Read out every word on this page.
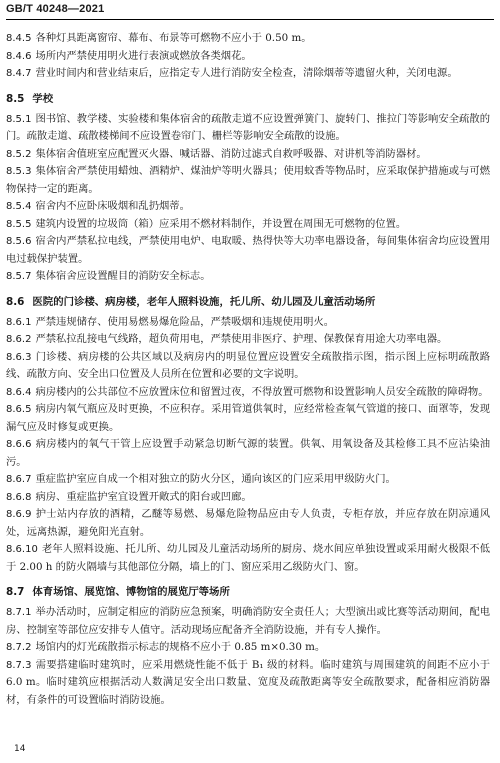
GB/T 40248—2021
8.4.5 各种灯具距离窗帘、幕布、布景等可燃物不应小于 0.50 m。
8.4.6 场所内严禁使用明火进行表演或燃放各类烟花。
8.4.7 营业时间内和营业结束后，应指定专人进行消防安全检查，清除烟蒂等遗留火种，关闭电源。
8.5 学校
8.5.1 图书馆、教学楼、实验楼和集体宿舍的疏散走道不应设置弹簧门、旋转门、推拉门等影响安全疏散的门。疏散走道、疏散楼梯间不应设置卷帘门、栅栏等影响安全疏散的设施。
8.5.2 集体宿舍值班室应配置灭火器、喊话器、消防过滤式自救呼吸器、对讲机等消防器材。
8.5.3 集体宿舍严禁使用蜡烛、酒精炉、煤油炉等明火器具；使用蚊香等物品时，应采取保护措施或与可燃物保持一定的距离。
8.5.4 宿舍内不应卧床吸烟和乱扔烟蒂。
8.5.5 建筑内设置的垃圾筒（箱）应采用不燃材料制作，并设置在周围无可燃物的位置。
8.5.6 宿舍内严禁私拉电线，严禁使用电炉、电取暖、热得快等大功率电器设备，每间集体宿舍均应设置用电过载保护装置。
8.5.7 集体宿舍应设置醒目的消防安全标志。
8.6 医院的门诊楼、病房楼，老年人照料设施，托儿所、幼儿园及儿童活动场所
8.6.1 严禁违规储存、使用易燃易爆危险品，严禁吸烟和违规使用明火。
8.6.2 严禁私拉乱接电气线路，超负荷用电，严禁使用非医疗、护理、保教保育用途大功率电器。
8.6.3 门诊楼、病房楼的公共区域以及病房内的明显位置应设置安全疏散指示图，指示图上应标明疏散路线、疏散方向、安全出口位置及人员所在位置和必要的文字说明。
8.6.4 病房楼内的公共部位不应放置床位和留置过夜，不得放置可燃物和设置影响人员安全疏散的障碍物。
8.6.5 病房内氧气瓶应及时更换，不应积存。采用管道供氧时，应经常检查氧气管道的接口、面罩等，发现漏气应及时修复或更换。
8.6.6 病房楼内的氧气干管上应设置手动紧急切断气源的装置。供氧、用氧设备及其检修工具不应沾染油污。
8.6.7 重症监护室应自成一个相对独立的防火分区，通向该区的门应采用甲级防火门。
8.6.8 病房、重症监护室宜设置开敞式的阳台或凹廊。
8.6.9 护士站内存放的酒精，乙醚等易燃、易爆危险物品应由专人负责，专柜存放，并应存放在阴凉通风处，远离热源，避免阳光直射。
8.6.10 老年人照料设施、托儿所、幼儿园及儿童活动场所的厨房、烧水间应单独设置或采用耐火极限不低于 2.00 h 的防火隔墙与其他部位分隔，墙上的门、窗应采用乙级防火门、窗。
8.7 体育场馆、展览馆、博物馆的展览厅等场所
8.7.1 举办活动时，应制定相应的消防应急预案，明确消防安全责任人；大型演出或比赛等活动期间，配电房、控制室等部位应安排专人值守。活动现场应配备齐全消防设施，并有专人操作。
8.7.2 场馆内的灯光疏散指示标志的规格不应小于 0.85 m×0.30 m。
8.7.3 需要搭建临时建筑时，应采用燃烧性能不低于 B₁ 级的材料。临时建筑与周围建筑的间距不应小于 6.0 m。临时建筑应根据活动人数满足安全出口数量、宽度及疏散距离等安全疏散要求，配备相应消防器材，有条件的可设置临时消防设施。
14
